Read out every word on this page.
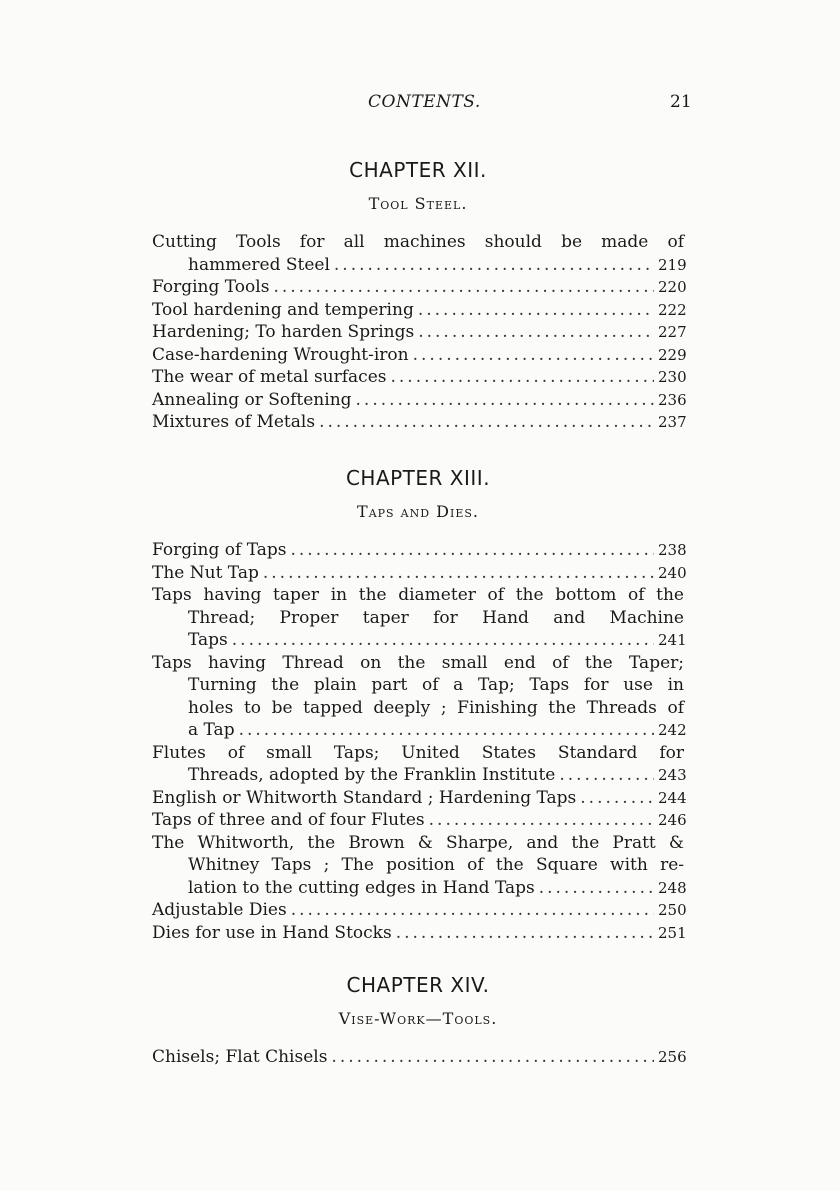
CONTENTS.	21
CHAPTER XII.
Tool Steel.
Cutting Tools for all machines should be made of
hammered Steel .....	219
Forging Tools .....	220
Tool hardening and tempering .....	222
Hardening; To harden Springs .....	227
Case-hardening Wrought-iron .....	229
The wear of metal surfaces .....	230
Annealing or Softening .....	236
Mixtures of Metals .....	237
CHAPTER XIII.
Taps and Dies.
Forging of Taps .....	238
The Nut Tap .....	240
Taps having taper in the diameter of the bottom of the
Thread; Proper taper for Hand and Machine
Taps .....	241
Taps having Thread on the small end of the Taper;
Turning the plain part of a Tap; Taps for use in
holes to be tapped deeply ; Finishing the Threads of
a Tap .....	242
Flutes of small Taps; United States Standard for
Threads, adopted by the Franklin Institute .....	243
English or Whitworth Standard ; Hardening Taps .....	244
Taps of three and of four Flutes .....	246
The Whitworth, the Brown & Sharpe, and the Pratt &
Whitney Taps ; The position of the Square with re-
lation to the cutting edges in Hand Taps .....	248
Adjustable Dies .....	250
Dies for use in Hand Stocks .....	251
CHAPTER XIV.
Vise-Work—Tools.
Chisels; Flat Chisels .....	256
